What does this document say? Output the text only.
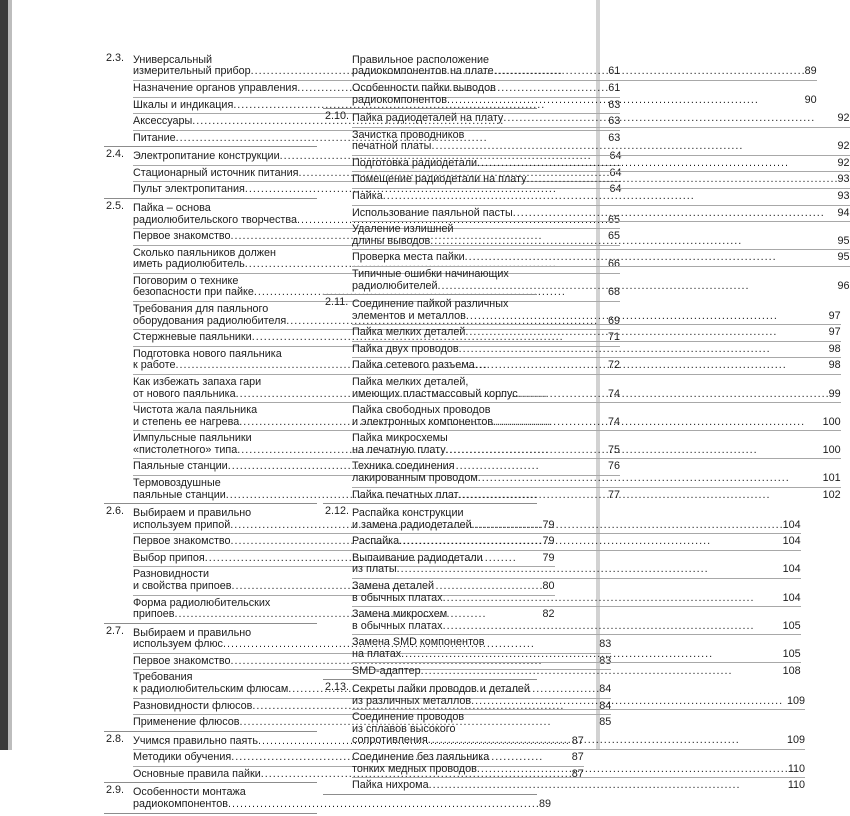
2.3. Универсальный
измерительный прибор . . .	61
Назначение органов управления . . .	61
Шкалы и индикация . . .	63
Аксессуары . . .	63
Питание . . .	63
2.4. Электропитание конструкции . . .	64
Стационарный источник питания . . .	64
Пульт электропитания . . .	64
2.5. Пайка – основа
радиолюбительского творчества . . .	65
Первое знакомство . . .	65
Сколько паяльников должен
иметь радиолюбитель . . .	66
Поговорим о технике
безопасности при пайке . . .	68
Требования для паяльного
оборудования радиолюбителя . . .	69
Стержневые паяльники . . .	71
Подготовка нового паяльника
к работе . . .	72
Как избежать запаха гари
от нового паяльника . . .	74
Чистота жала паяльника
и степень ее нагрева . . .	74
Импульсные паяльники
«пистолетного» типа . . .	75
Паяльные станции . . .	76
Термовоздушные
паяльные станции . . .	77
2.6. Выбираем и правильно
используем припой . . .	79
Первое знакомство . . .	79
Выбор припоя . . .	79
Разновидности
и свойства припоев . . .	80
Форма радиолюбительских
припоев . . .	82
2.7. Выбираем и правильно
используем флюс . . .	83
Первое знакомство . . .	83
Требования
к радиолюбительским флюсам . . .	84
Разновидности флюсов . . .	84
Применение флюсов . . .	85
2.8. Учимся правильно паять . . .	87
Методики обучения . . .	87
Основные правила пайки . . .	87
2.9. Особенности монтажа
радиокомпонентов . . .	89
Правильное расположение
радиокомпонентов на плате . . .	89
Особенности пайки выводов
радиокомпонентов . . .	90
2.10. Пайка радиодеталей на плату . . .	92
Зачистка проводников
печатной платы . . .	92
Подготовка радиодетали . . .	92
Помещение радиодетали на плату . . .	93
Пайка . . .	93
Использование паяльной пасты . . .	94
Удаление излишней
длины выводов . . .	95
Проверка места пайки . . .	95
Типичные ошибки начинающих
радиолюбителей . . .	96
2.11. Соединение пайкой различных
элементов и металлов . . .	97
Пайка мелких деталей . . .	97
Пайка двух проводов . . .	98
Пайка сетевого разъема . . .	98
Пайка мелких деталей,
имеющих пластмассовый корпус . . .	99
Пайка свободных проводов
и электронных компонентов . . .	100
Пайка микросхемы
на печатную плату . . .	100
Техника соединения
лакированным проводом . . .	101
Пайка печатных плат . . .	102
2.12. Распайка конструкции
и замена радиодеталей . . .	104
Распайка . . .	104
Выпаивание радиодетали
из платы . . .	104
Замена деталей
в обычных платах . . .	104
Замена микросхем
в обычных платах . . .	105
Замена SMD компонентов
на платах . . .	105
SMD-адаптер . . .	108
2.13. Секреты пайки проводов и деталей
из различных металлов . . .	109
Соединение проводов
из сплавов высокого
сопротивления . . .	109
Соединение без паяльника
тонких медных проводов . . .	110
Пайка нихрома . . .	110
